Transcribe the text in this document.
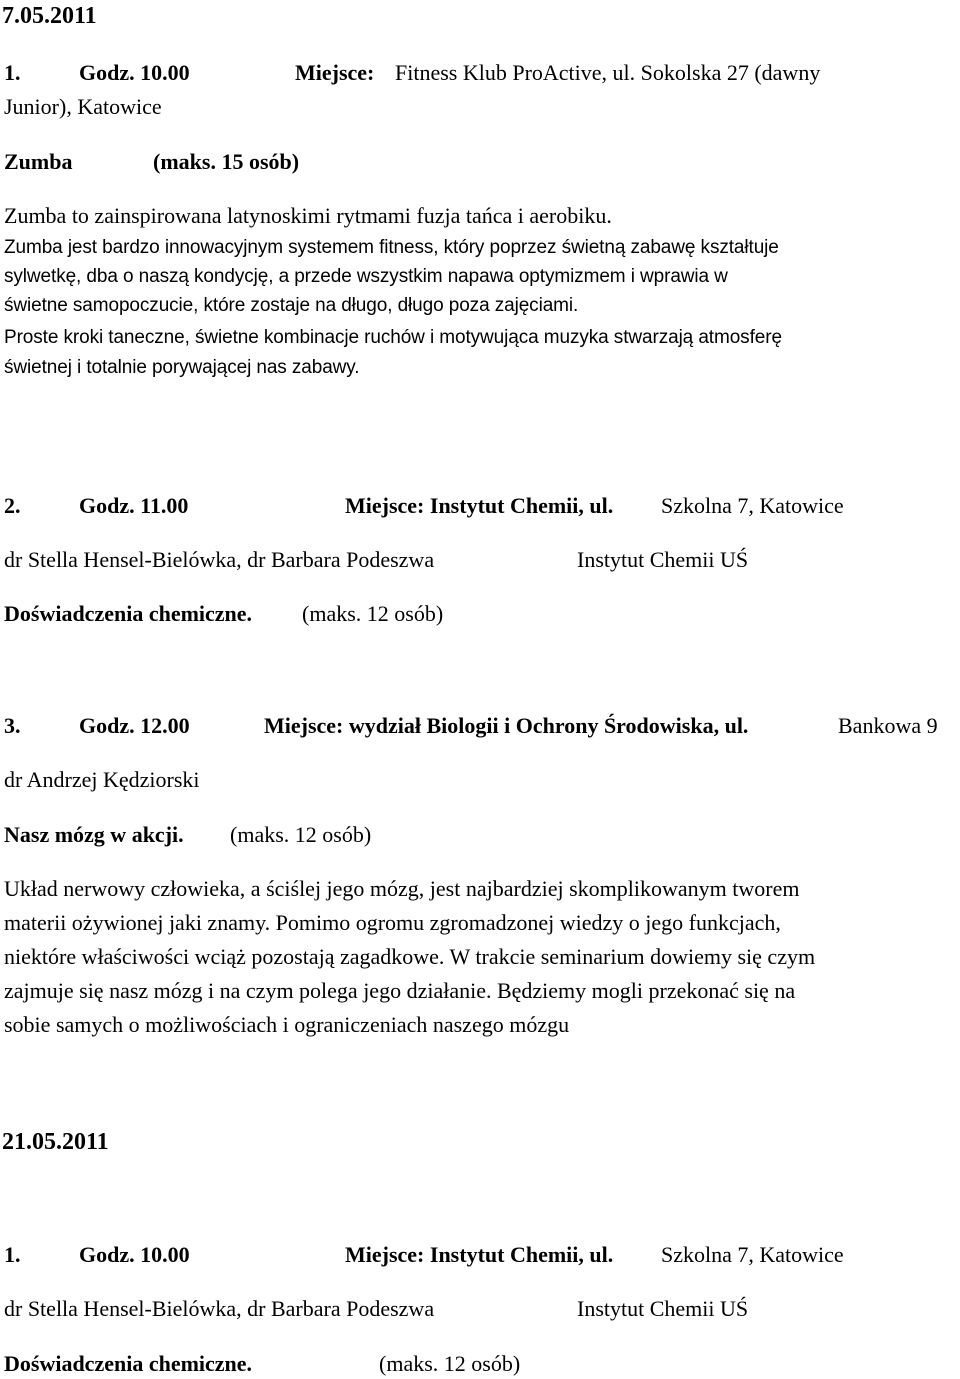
7.05.2011
1.	Godz. 10.00	Miejsce: Fitness Klub ProActive, ul. Sokolska 27 (dawny
Junior), Katowice
Zumba	(maks. 15 osób)
Zumba to zainspirowana latynoskimi rytmami fuzja tańca i aerobiku.
Zumba jest bardzo innowacyjnym systemem fitness, który poprzez świetną zabawę kształtuje
sylwetkę, dba o naszą kondycję, a przede wszystkim napawa optymizmem i wprawia w
świetne samopoczucie, które zostaje na długo, długo poza zajęciami.
Proste kroki taneczne, świetne kombinacje ruchów i motywująca muzyka stwarzają atmosferę
świetnej i totalnie porywającej nas zabawy.
2.	Godz. 11.00	Miejsce: Instytut Chemii, ul. Szkolna 7, Katowice
dr Stella Hensel-Bielówka, dr Barbara Podeszwa	Instytut Chemii UŚ
Doświadczenia chemiczne. (maks. 12 osób)
3.	Godz. 12.00	Miejsce: wydział Biologii i Ochrony Środowiska, ul.	Bankowa 9
dr Andrzej Kędziorski
Nasz mózg w akcji. (maks. 12 osób)
Układ nerwowy człowieka, a ściślej jego mózg, jest najbardziej skomplikowanym tworem
materii ożywionej jaki znamy. Pomimo ogromu zgromadzonej wiedzy o jego funkcjach,
niektóre właściwości wciąż pozostają zagadkowe. W trakcie seminarium dowiemy się czym
zajmuje się nasz mózg i na czym polega jego działanie. Będziemy mogli przekonać się na
sobie samych o możliwościach i ograniczeniach naszego mózgu
21.05.2011
1.	Godz. 10.00	Miejsce: Instytut Chemii, ul. Szkolna 7, Katowice
dr Stella Hensel-Bielówka, dr Barbara Podeszwa	Instytut Chemii UŚ
Doświadczenia chemiczne.	(maks. 12 osób)
